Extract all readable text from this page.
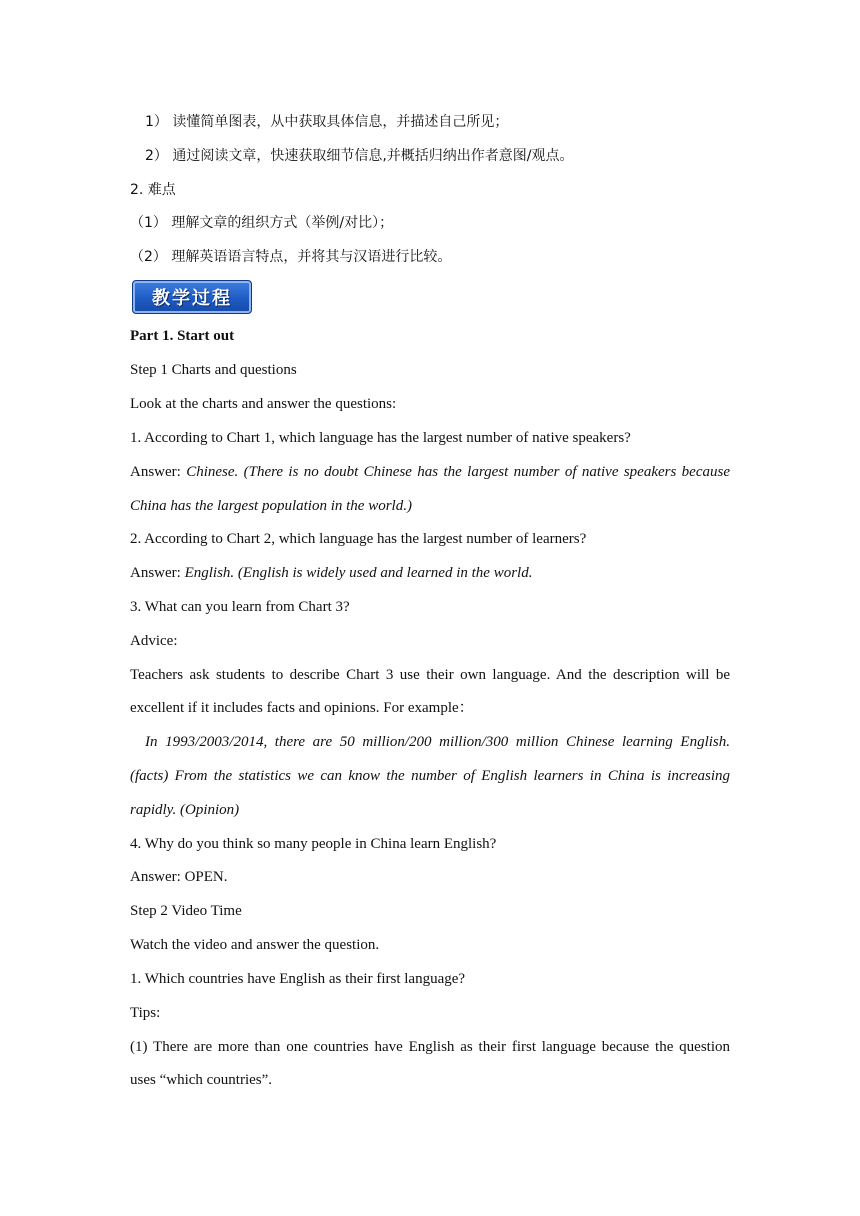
1） 读懂简单图表，从中获取具体信息，并描述自己所见；
2） 通过阅读文章，快速获取细节信息,并概括归纳出作者意图/观点。
2. 难点
（1） 理解文章的组织方式（举例/对比）；
（2） 理解英语语言特点，并将其与汉语进行比较。
教学过程
Part 1. Start out
Step 1 Charts and questions
Look at the charts and answer the questions:
1. According to Chart 1, which language has the largest number of native speakers?
Answer: Chinese. (There is no doubt Chinese has the largest number of native speakers because
China has the largest population in the world.)
2. According to Chart 2, which language has the largest number of learners?
Answer: English. (English is widely used and learned in the world.
3. What can you learn from Chart 3?
Advice:
Teachers ask students to describe Chart 3 use their own language. And the description will be
excellent if it includes facts and opinions. For example：
In 1993/2003/2014, there are 50 million/200 million/300 million Chinese learning English.
(facts) From the statistics we can know the number of English learners in China is increasing
rapidly. (Opinion)
4. Why do you think so many people in China learn English?
Answer: OPEN.
Step 2 Video Time
Watch the video and answer the question.
1. Which countries have English as their first language?
Tips:
(1) There are more than one countries have English as their first language because the question
uses “which countries”.
